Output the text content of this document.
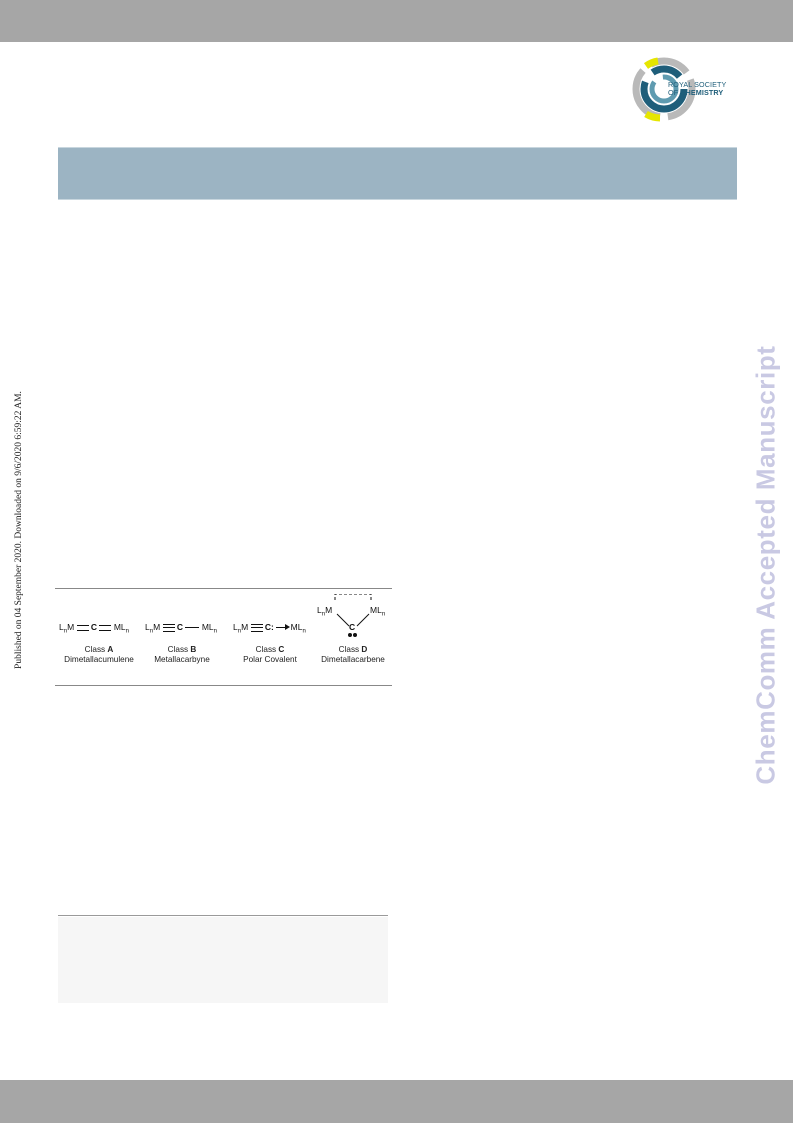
ROYAL SOCIETY
OF CHEMISTRY
Published on 04 September 2020. Downloaded on 9/6/2020 6:59:22 AM.	ChemComm Accepted Manuscript
$L_nM$ C $ML_n$
Class A
Dimetallacumulene
$L_nM$ C $ML_n$
Class B
Metallacarbyne
$L_nM$ C: $ML_n$
Class C
Polar Covalent
$L_nM$	$ML_n$
C
Class D
Dimetallacarbene
